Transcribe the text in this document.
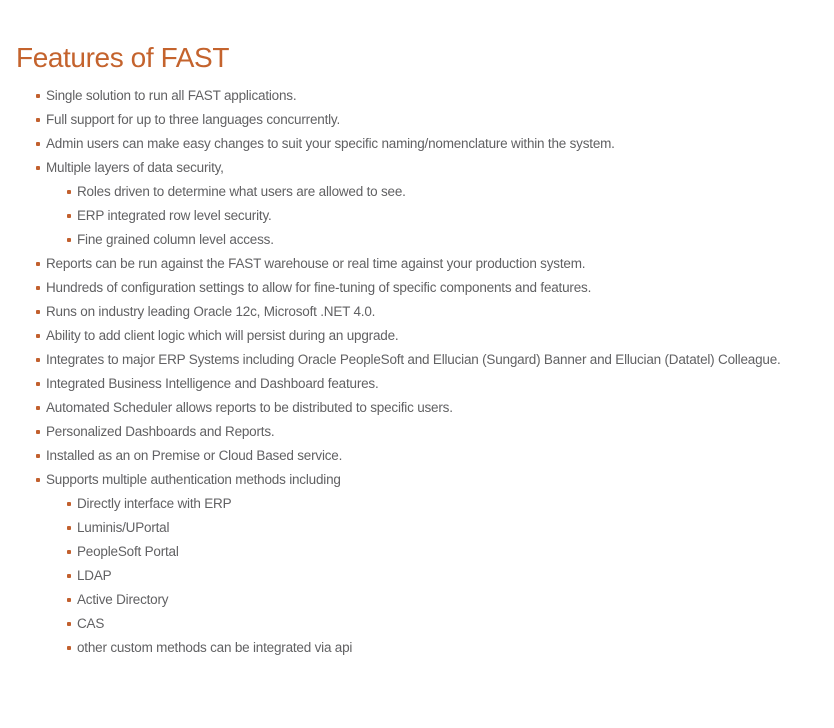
Features of FAST
Single solution to run all FAST applications.
Full support for up to three languages concurrently.
Admin users can make easy changes to suit your specific naming/nomenclature within the system.
Multiple layers of data security,
Roles driven to determine what users are allowed to see.
ERP integrated row level security.
Fine grained column level access.
Reports can be run against the FAST warehouse or real time against your production system.
Hundreds of configuration settings to allow for fine-tuning of specific components and features.
Runs on industry leading Oracle 12c, Microsoft .NET 4.0.
Ability to add client logic which will persist during an upgrade.
Integrates to major ERP Systems including Oracle PeopleSoft and Ellucian (Sungard) Banner and Ellucian (Datatel) Colleague.
Integrated Business Intelligence and Dashboard features.
Automated Scheduler allows reports to be distributed to specific users.
Personalized Dashboards and Reports.
Installed as an on Premise or Cloud Based service.
Supports multiple authentication methods including
Directly interface with ERP
Luminis/UPortal
PeopleSoft Portal
LDAP
Active Directory
CAS
other custom methods can be integrated via api
